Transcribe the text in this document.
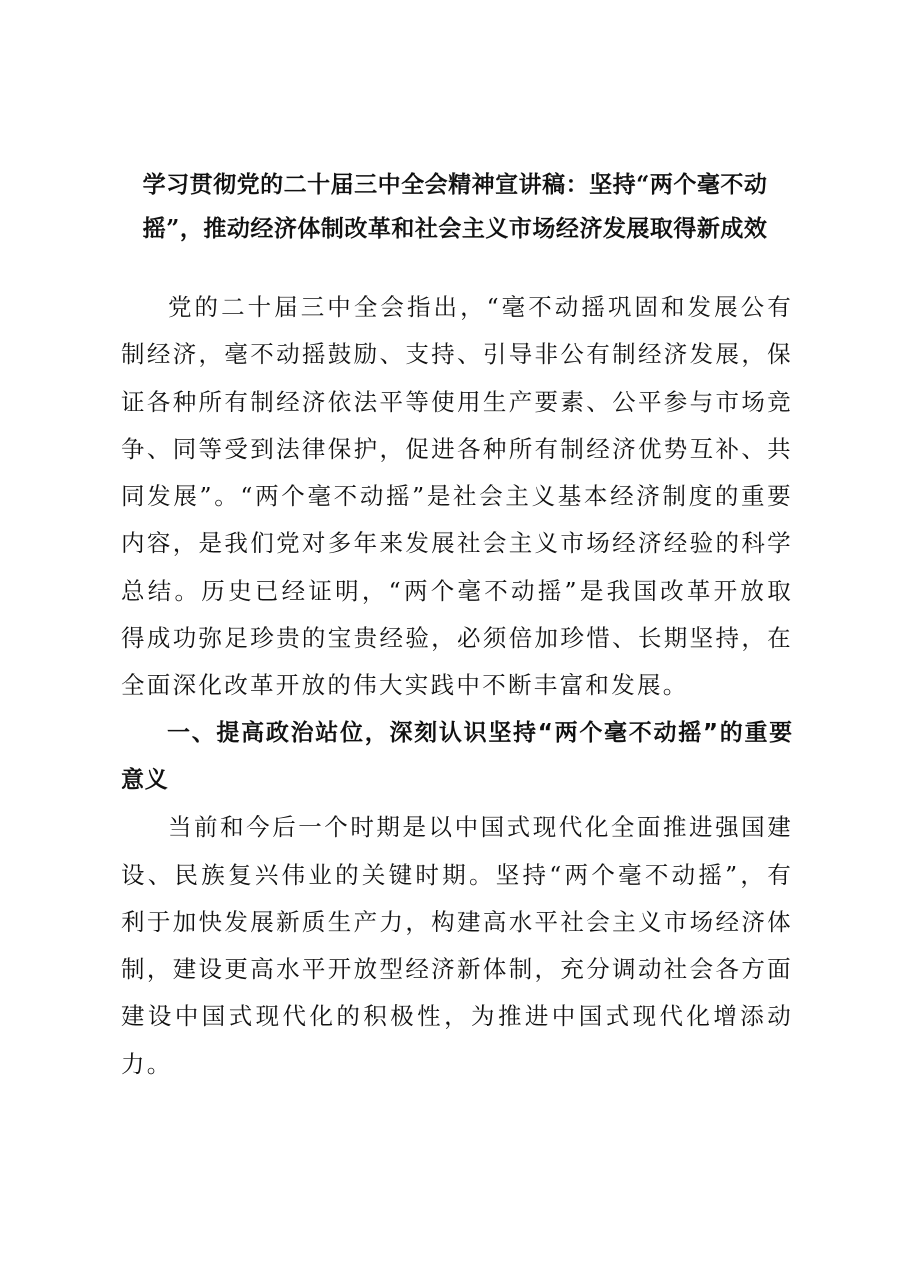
学习贯彻党的二十届三中全会精神宣讲稿：坚持“两个毫不动
摇”，推动经济体制改革和社会主义市场经济发展取得新成效

党的二十届三中全会指出，“毫不动摇巩固和发展公有制经济，毫不动摇鼓励、支持、引导非公有制经济发展，保证各种所有制经济依法平等使用生产要素、公平参与市场竞争、同等受到法律保护，促进各种所有制经济优势互补、共同发展”。“两个毫不动摇”是社会主义基本经济制度的重要内容，是我们党对多年来发展社会主义市场经济经验的科学总结。历史已经证明，“两个毫不动摇”是我国改革开放取得成功弥足珍贵的宝贵经验，必须倍加珍惜、长期坚持，在全面深化改革开放的伟大实践中不断丰富和发展。

一、提高政治站位，深刻认识坚持“两个毫不动摇”的重要意义

当前和今后一个时期是以中国式现代化全面推进强国建设、民族复兴伟业的关键时期。坚持“两个毫不动摇”，有利于加快发展新质生产力，构建高水平社会主义市场经济体制，建设更高水平开放型经济新体制，充分调动社会各方面建设中国式现代化的积极性，为推进中国式现代化增添动力。
